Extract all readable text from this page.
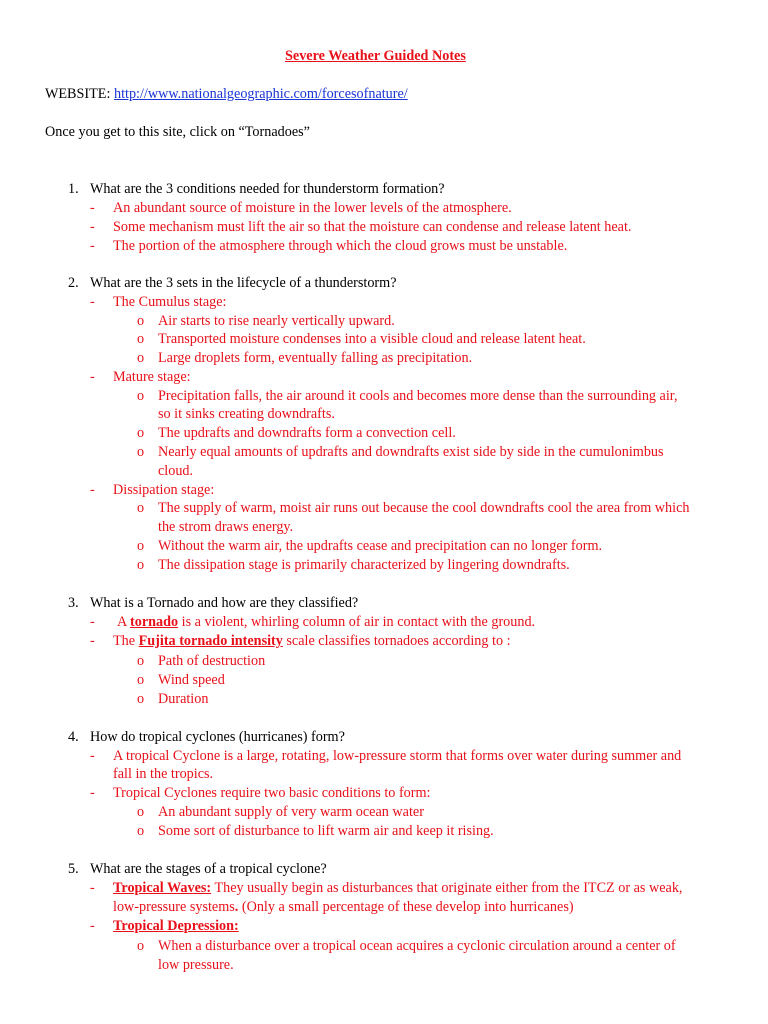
Severe Weather Guided Notes
WEBSITE: http://www.nationalgeographic.com/forcesofnature/
Once you get to this site, click on “Tornadoes”
1. What are the 3 conditions needed for thunderstorm formation?
- An abundant source of moisture in the lower levels of the atmosphere.
- Some mechanism must lift the air so that the moisture can condense and release latent heat.
- The portion of the atmosphere through which the cloud grows must be unstable.
2. What are the 3 sets in the lifecycle of a thunderstorm?
- The Cumulus stage:
o Air starts to rise nearly vertically upward.
o Transported moisture condenses into a visible cloud and release latent heat.
o Large droplets form, eventually falling as precipitation.
- Mature stage:
o Precipitation falls, the air around it cools and becomes more dense than the surrounding air,
so it sinks creating downdrafts.
o The updrafts and downdrafts form a convection cell.
o Nearly equal amounts of updrafts and downdrafts exist side by side in the cumulonimbus
cloud.
- Dissipation stage:
o The supply of warm, moist air runs out because the cool downdrafts cool the area from which
the strom draws energy.
o Without the warm air, the updrafts cease and precipitation can no longer form.
o The dissipation stage is primarily characterized by lingering downdrafts.
3. What is a Tornado and how are they classified?
- A tornado is a violent, whirling column of air in contact with the ground.
- The Fujita tornado intensity scale classifies tornadoes according to :
o Path of destruction
o Wind speed
o Duration
4. How do tropical cyclones (hurricanes) form?
- A tropical Cyclone is a large, rotating, low-pressure storm that forms over water during summer and
fall in the tropics.
- Tropical Cyclones require two basic conditions to form:
o An abundant supply of very warm ocean water
o Some sort of disturbance to lift warm air and keep it rising.
5. What are the stages of a tropical cyclone?
- Tropical Waves: They usually begin as disturbances that originate either from the ITCZ or as weak,
low-pressure systems. (Only a small percentage of these develop into hurricanes)
- Tropical Depression:
o When a disturbance over a tropical ocean acquires a cyclonic circulation around a center of
low pressure.
